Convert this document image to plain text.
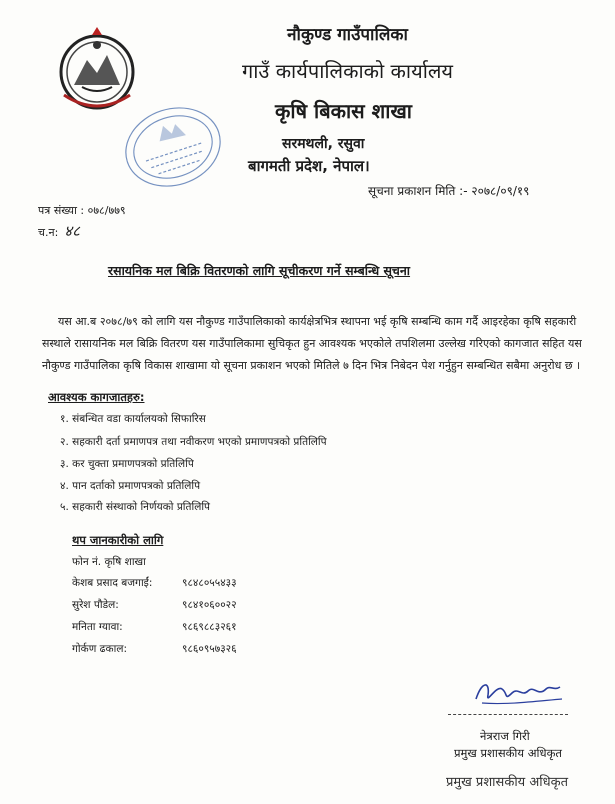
नौकुण्ड गाउँपालिका
गाउँ कार्यपालिकाको कार्यालय
कृषि बिकास शाखा
सरमथली, रसुवा
बागमती प्रदेश, नेपाल।
सूचना प्रकाशन मिति :- २०७८/०९/१९
पत्र संख्या : ०७८/७७९
च.न: ४८
रसायनिक मल बिक्रि वितरणको लागि सूचीकरण गर्ने सम्बन्धि सूचना
यस आ.ब २०७८/७९ को लागि यस नौकुण्ड गाउँपालिकाको कार्यक्षेत्रभित्र स्थापना भई कृषि सम्बन्धि काम गर्दै आइरहेका कृषि सहकारी सस्थाले रासायनिक मल बिक्रि वितरण यस गाउँपालिकामा सुचिकृत हुन आवश्यक भएकोले तपशिलमा उल्लेख गरिएको कागजात सहित यस नौकुण्ड गाउँपालिका कृषि विकास शाखामा यो सूचना प्रकाशन भएको मितिले ७ दिन भित्र निबेदन पेश गर्नुहुन सम्बन्धित सबैमा अनुरोध छ ।
आवश्यक कागजातहरु:
१. संबन्धित वडा कार्यालयको सिफारिस
२. सहकारी दर्ता प्रमाणपत्र तथा नवीकरण भएको प्रमाणपत्रको प्रतिलिपि
३. कर चुक्ता प्रमाणपत्रको प्रतिलिपि
४. पान दर्ताको प्रमाणपत्रको प्रतिलिपि
५. सहकारी संस्थाको निर्णयको प्रतिलिपि
थप जानकारीको लागि
फोन नं. कृषि शाखा
केशब प्रसाद बजगाईं:	९८४८०५५४३३
सुरेश पौडेल:	९८४१०६००२२
मनिता ग्यावा:	९८६९८८३२६१
गोर्कण ढकाल:	९८६०९५७३२६
नेत्रराज गिरी
प्रमुख प्रशासकीय अधिकृत
प्रमुख प्रशासकीय अधिकृत
